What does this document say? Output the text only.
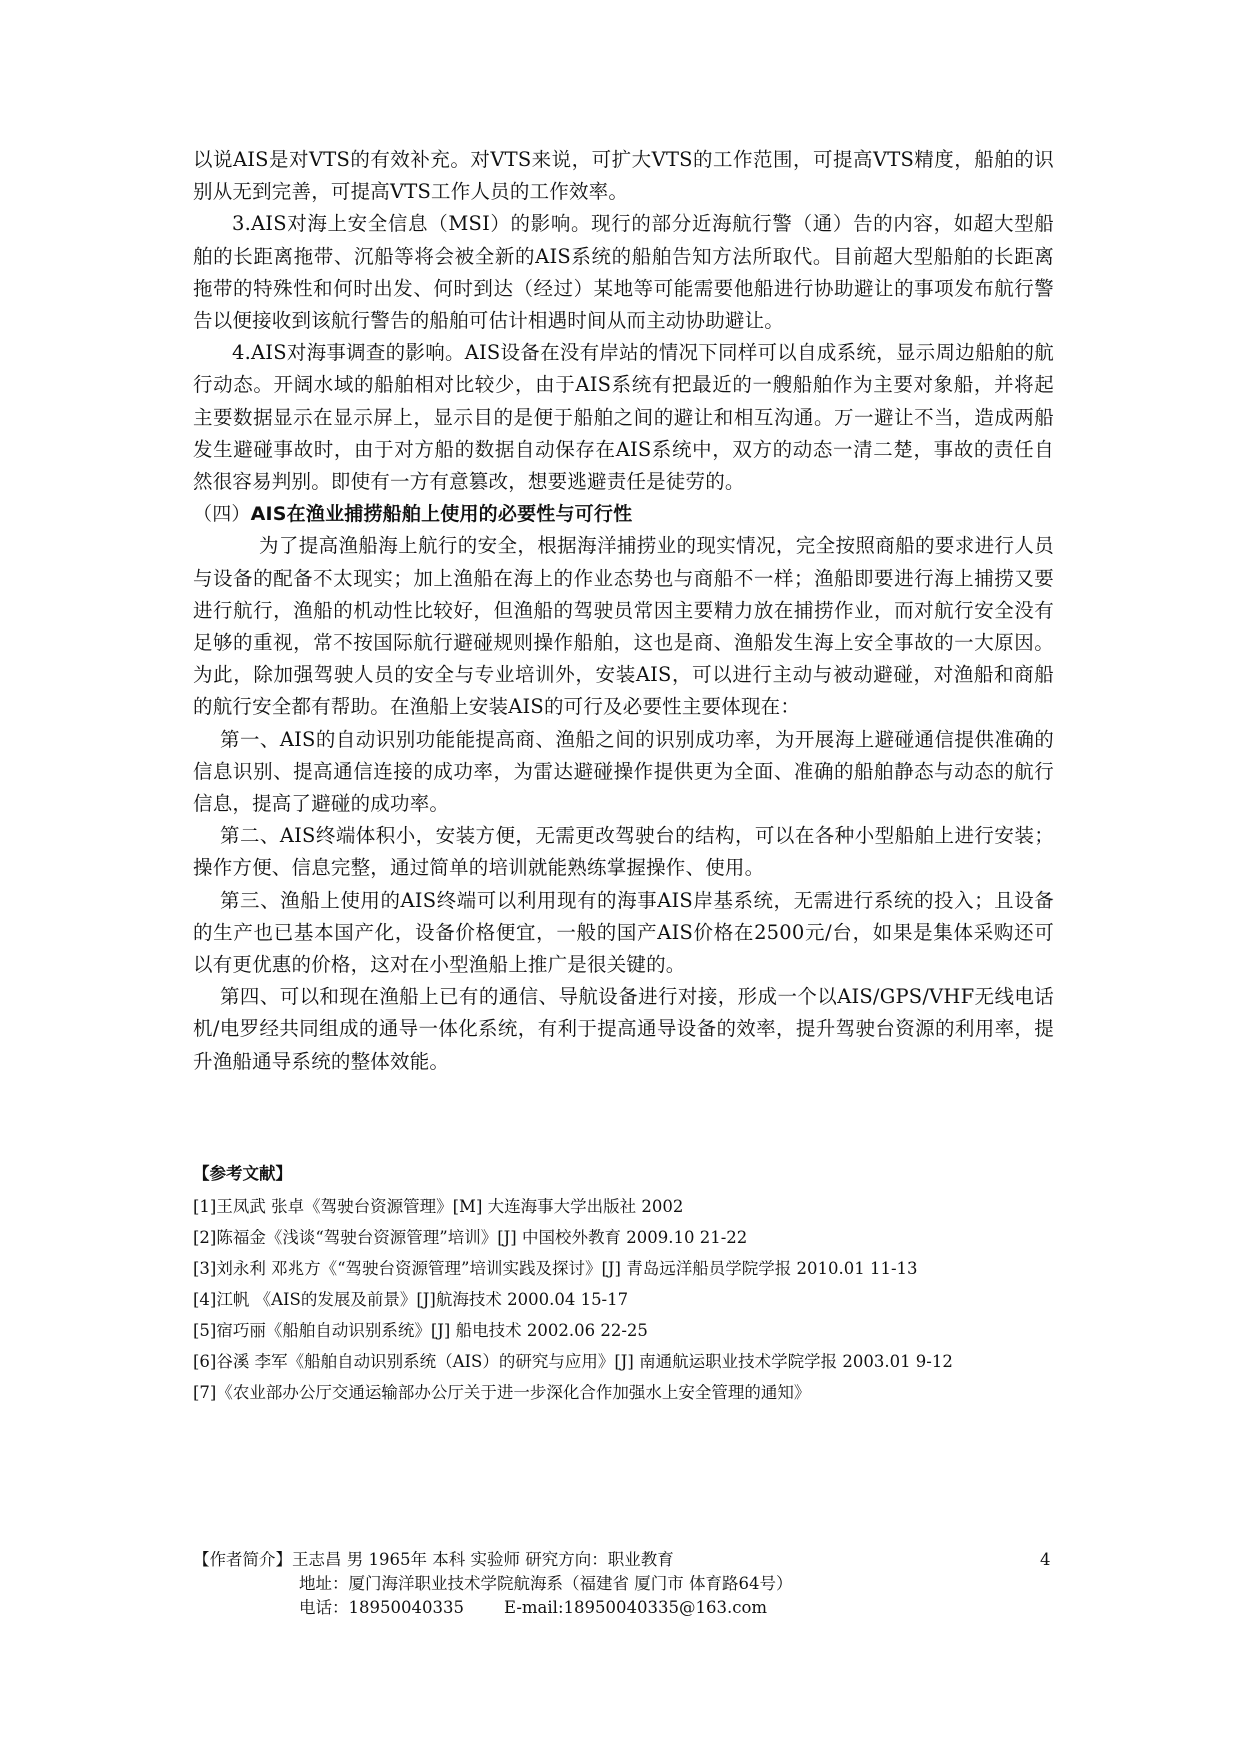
以说AIS是对VTS的有效补充。对VTS来说，可扩大VTS的工作范围，可提高VTS精度，船舶的识别从无到完善，可提高VTS工作人员的工作效率。

3.AIS对海上安全信息（MSI）的影响。现行的部分近海航行警（通）告的内容，如超大型船舶的长距离拖带、沉船等将会被全新的AIS系统的船舶告知方法所取代。目前超大型船舶的长距离拖带的特殊性和何时出发、何时到达（经过）某地等可能需要他船进行协助避让的事项发布航行警告以便接收到该航行警告的船舶可估计相遇时间从而主动协助避让。

4.AIS对海事调查的影响。AIS设备在没有岸站的情况下同样可以自成系统，显示周边船舶的航行动态。开阔水域的船舶相对比较少，由于AIS系统有把最近的一艘船舶作为主要对象船，并将起主要数据显示在显示屏上，显示目的是便于船舶之间的避让和相互沟通。万一避让不当，造成两船发生避碰事故时，由于对方船的数据自动保存在AIS系统中，双方的动态一清二楚，事故的责任自然很容易判别。即使有一方有意篡改，想要逃避责任是徒劳的。

（四）AIS在渔业捕捞船舶上使用的必要性与可行性

为了提高渔船海上航行的安全，根据海洋捕捞业的现实情况，完全按照商船的要求进行人员与设备的配备不太现实；加上渔船在海上的作业态势也与商船不一样；渔船即要进行海上捕捞又要进行航行，渔船的机动性比较好，但渔船的驾驶员常因主要精力放在捕捞作业，而对航行安全没有足够的重视，常不按国际航行避碰规则操作船舶，这也是商、渔船发生海上安全事故的一大原因。为此，除加强驾驶人员的安全与专业培训外，安装AIS，可以进行主动与被动避碰，对渔船和商船的航行安全都有帮助。在渔船上安装AIS的可行及必要性主要体现在：

第一、AIS的自动识别功能能提高商、渔船之间的识别成功率，为开展海上避碰通信提供准确的信息识别、提高通信连接的成功率，为雷达避碰操作提供更为全面、准确的船舶静态与动态的航行信息，提高了避碰的成功率。

第二、AIS终端体积小，安装方便，无需更改驾驶台的结构，可以在各种小型船舶上进行安装；操作方便、信息完整，通过简单的培训就能熟练掌握操作、使用。

第三、渔船上使用的AIS终端可以利用现有的海事AIS岸基系统，无需进行系统的投入；且设备的生产也已基本国产化，设备价格便宜，一般的国产AIS价格在2500元/台，如果是集体采购还可以有更优惠的价格，这对在小型渔船上推广是很关键的。

第四、可以和现在渔船上已有的通信、导航设备进行对接，形成一个以AIS/GPS/VHF无线电话机/电罗经共同组成的通导一体化系统，有利于提高通导设备的效率，提升驾驶台资源的利用率，提升渔船通导系统的整体效能。

【参考文献】
[1]王凤武 张卓《驾驶台资源管理》[M] 大连海事大学出版社 2002
[2]陈福金《浅谈“驾驶台资源管理”培训》[J] 中国校外教育 2009.10 21-22
[3]刘永利 邓兆方《“驾驶台资源管理”培训实践及探讨》[J] 青岛远洋船员学院学报 2010.01 11-13
[4]江帆 《AIS的发展及前景》[J]航海技术 2000.04 15-17
[5]宿巧丽《船舶自动识别系统》[J] 船电技术 2002.06 22-25
[6]谷溪 李军《船舶自动识别系统（AIS）的研究与应用》[J] 南通航运职业技术学院学报 2003.01 9-12
[7]《农业部办公厅交通运输部办公厅关于进一步深化合作加强水上安全管理的通知》
【作者简介】王志昌 男 1965年 本科 实验师 研究方向：职业教育
地址：厦门海洋职业技术学院航海系（福建省 厦门市 体育路64号）
电话：18950040335 E-mail:18950040335@163.com
4
